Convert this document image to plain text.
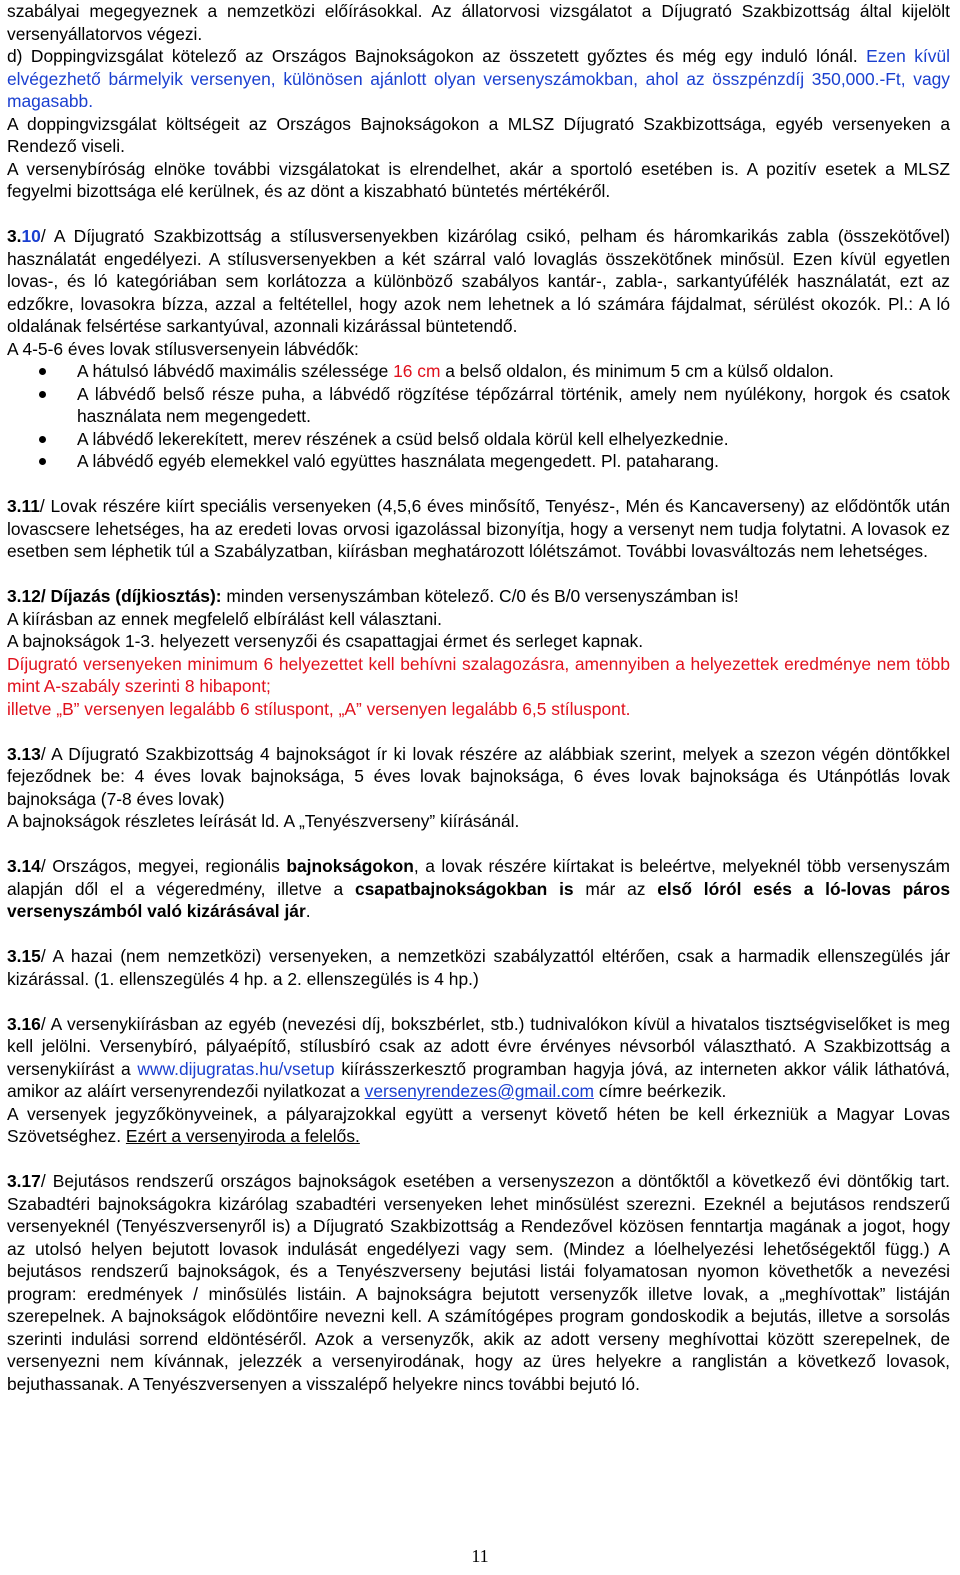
szabályai megegyeznek a nemzetközi előírásokkal. Az állatorvosi vizsgálatot a Díjugrató Szakbizottság által kijelölt versenyállatorvos végezi.

d) Doppingvizsgálat kötelező az Országos Bajnokságokon az összetett győztes és még egy induló lónál. Ezen kívül elvégezhető bármelyik versenyen, különösen ajánlott olyan versenyszámokban, ahol az összpénzdíj 350,000.-Ft, vagy magasabb.

A doppingvizsgálat költségeit az Országos Bajnokságokon a MLSZ Díjugrató Szakbizottsága, egyéb versenyeken a Rendező viseli.

A versenybíróság elnöke további vizsgálatokat is elrendelhet, akár a sportoló esetében is. A pozitív esetek a MLSZ fegyelmi bizottsága elé kerülnek, és az dönt a kiszabható büntetés mértékéről.

3.10/ A Díjugrató Szakbizottság a stílusversenyekben kizárólag csikó, pelham és háromkarikás zabla (összekötővel) használatát engedélyezi. A stílusversenyekben a két szárral való lovaglás összekötőnek minősül. Ezen kívül egyetlen lovas-, és ló kategóriában sem korlátozza a különböző szabályos kantár-, zabla-, sarkantyúfélék használatát, ezt az edzőkre, lovasokra bízza, azzal a feltétellel, hogy azok nem lehetnek a ló számára fájdalmat, sérülést okozók. Pl.: A ló oldalának felsértése sarkantyúval, azonnali kizárással büntetendő.

A 4-5-6 éves lovak stílusversenyein lábvédők:

A hátulsó lábvédő maximális szélessége 16 cm a belső oldalon, és minimum 5 cm a külső oldalon.
A lábvédő belső része puha, a lábvédő rögzítése tépőzárral történik, amely nem nyúlékony, horgok és csatok használata nem megengedett.
A lábvédő lekerekített, merev részének a csüd belső oldala körül kell elhelyezkednie.
A lábvédő egyéb elemekkel való együttes használata megengedett. Pl. pataharang.

3.11/ Lovak részére kiírt speciális versenyeken (4,5,6 éves minősítő, Tenyész-, Mén és Kancaverseny) az elődöntők után lovascsere lehetséges, ha az eredeti lovas orvosi igazolással bizonyítja, hogy a versenyt nem tudja folytatni. A lovasok ez esetben sem léphetik túl a Szabályzatban, kiírásban meghatározott lólétszámot. További lovasváltozás nem lehetséges.

3.12/ Díjazás (díjkiosztás): minden versenyszámban kötelező. C/0 és B/0 versenyszámban is!

A kiírásban az ennek megfelelő elbírálást kell választani.

A bajnokságok 1-3. helyezett versenyzői és csapattagjai érmet és serleget kapnak.

Díjugrató versenyeken minimum 6 helyezettet kell behívni szalagozásra, amennyiben a helyezettek eredménye nem több mint A-szabály szerinti 8 hibapont;

illetve „B” versenyen legalább 6 stíluspont, „A” versenyen legalább 6,5 stíluspont.

3.13/ A Díjugrató Szakbizottság 4 bajnokságot ír ki lovak részére az alábbiak szerint, melyek a szezon végén döntőkkel fejeződnek be: 4 éves lovak bajnoksága, 5 éves lovak bajnoksága, 6 éves lovak bajnoksága és Utánpótlás lovak bajnoksága (7-8 éves lovak)

A bajnokságok részletes leírását ld. A „Tenyészverseny” kiírásánál.

3.14/ Országos, megyei, regionális bajnokságokon, a lovak részére kiírtakat is beleértve, melyeknél több versenyszám alapján dől el a végeredmény, illetve a csapatbajnokságokban is már az első lóról esés a ló-lovas páros versenyszámból való kizárásával jár.

3.15/ A hazai (nem nemzetközi) versenyeken, a nemzetközi szabályzattól eltérően, csak a harmadik ellenszegülés jár kizárással. (1. ellenszegülés 4 hp. a 2. ellenszegülés is 4 hp.)

3.16/ A versenykiírásban az egyéb (nevezési díj, bokszbérlet, stb.) tudnivalókon kívül a hivatalos tisztségviselőket is meg kell jelölni. Versenybíró, pályaépítő, stílusbíró csak az adott évre érvényes névsorból választható. A Szakbizottság a versenykiírást a www.dijugratas.hu/vsetup kiírásszerkesztő programban hagyja jóvá, az interneten akkor válik láthatóvá, amikor az aláírt versenyrendezői nyilatkozat a versenyrendezes@gmail.com címre beérkezik.

A versenyek jegyzőkönyveinek, a pályarajzokkal együtt a versenyt követő héten be kell érkezniük a Magyar Lovas Szövetséghez. Ezért a versenyiroda a felelős.

3.17/ Bejutásos rendszerű országos bajnokságok esetében a versenyszezon a döntőktől a következő évi döntőkig tart. Szabadtéri bajnokságokra kizárólag szabadtéri versenyeken lehet minősülést szerezni. Ezeknél a bejutásos rendszerű versenyeknél (Tenyészversenyről is) a Díjugrató Szakbizottság a Rendezővel közösen fenntartja magának a jogot, hogy az utolsó helyen bejutott lovasok indulását engedélyezi vagy sem. (Mindez a lóelhelyezési lehetőségektől függ.) A bejutásos rendszerű bajnokságok, és a Tenyészverseny bejutási listái folyamatosan nyomon követhetők a nevezési program: eredmények / minősülés listáin. A bajnokságra bejutott versenyzők illetve lovak, a „meghívottak” listáján szerepelnek. A bajnokságok elődöntőire nevezni kell. A számítógépes program gondoskodik a bejutás, illetve a sorsolás szerinti indulási sorrend eldöntéséről. Azok a versenyzők, akik az adott verseny meghívottai között szerepelnek, de versenyezni nem kívánnak, jelezzék a versenyirodának, hogy az üres helyekre a ranglistán a következő lovasok, bejuthassanak. A Tenyészversenyen a visszalépő helyekre nincs további bejutó ló.

11
